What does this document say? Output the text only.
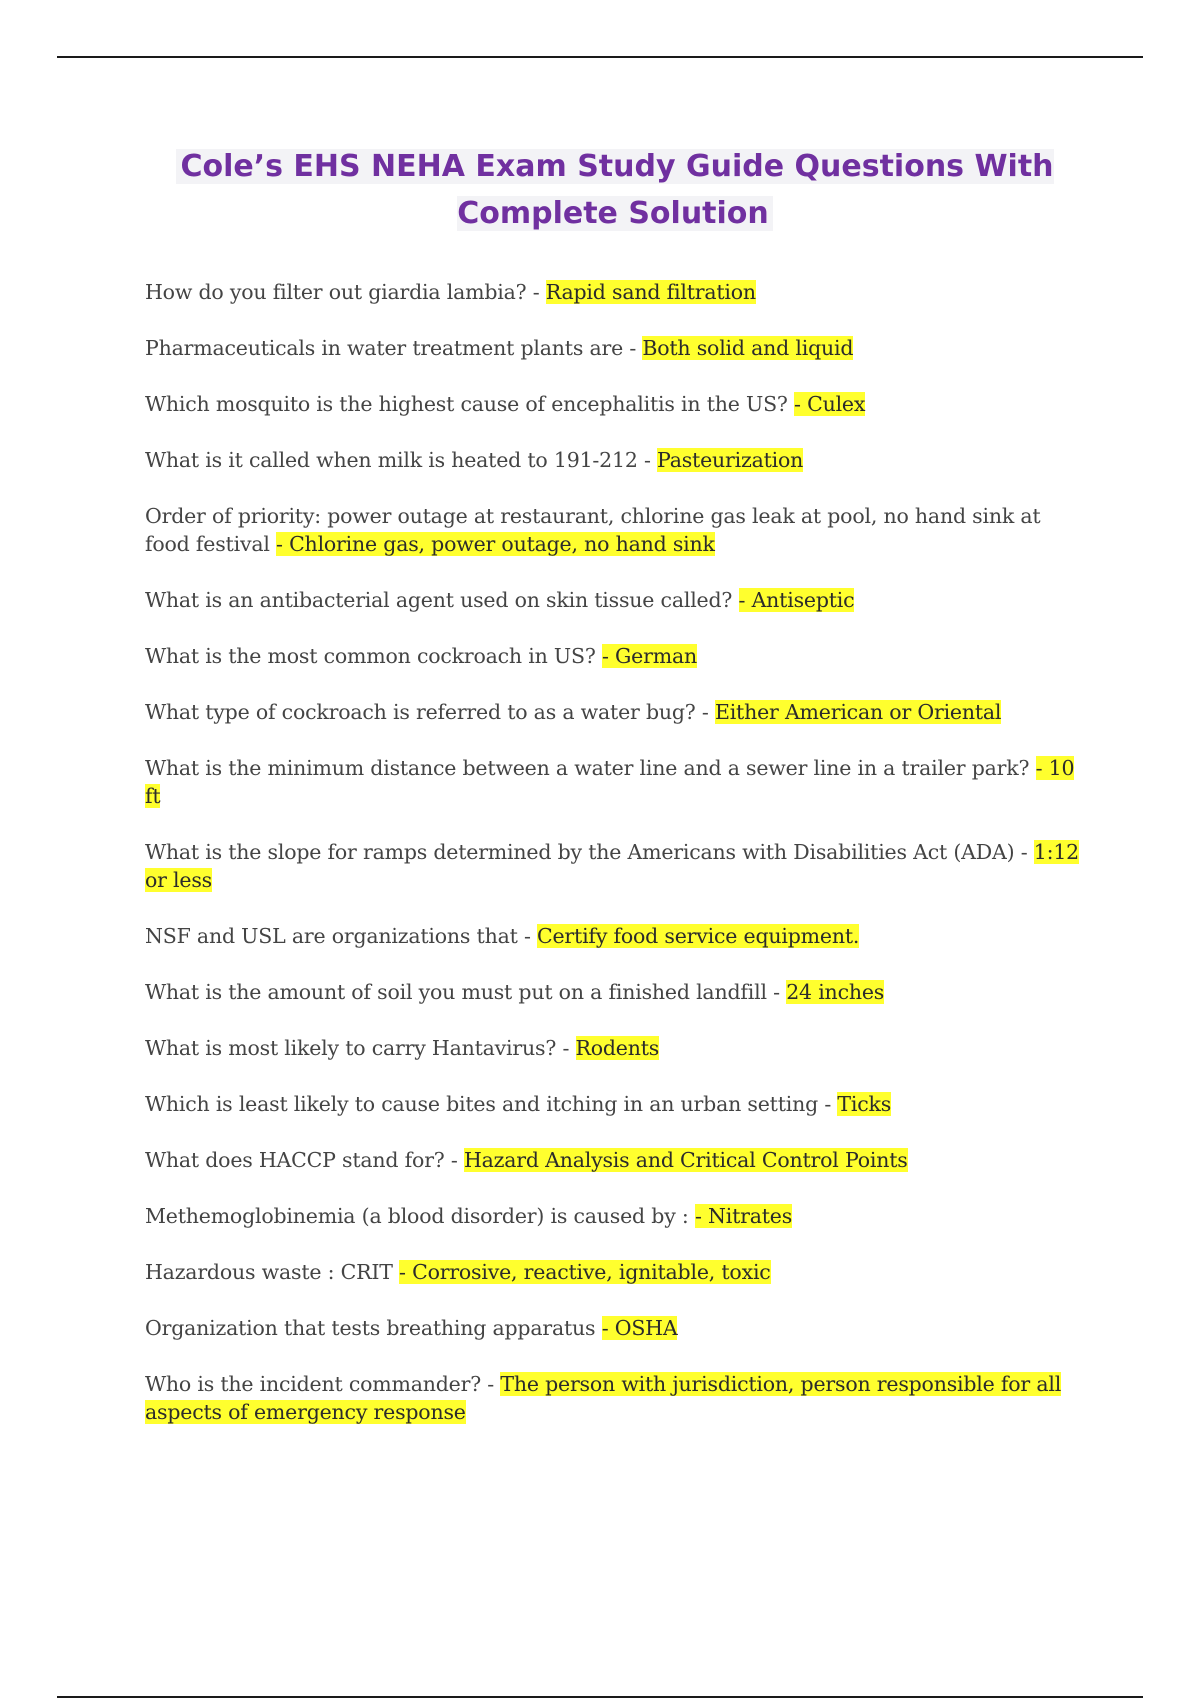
Cole’s EHS NEHA Exam Study Guide Questions With Complete Solution
How do you filter out giardia lambia? - Rapid sand filtration
Pharmaceuticals in water treatment plants are - Both solid and liquid
Which mosquito is the highest cause of encephalitis in the US? - Culex
What is it called when milk is heated to 191-212 - Pasteurization
Order of priority: power outage at restaurant, chlorine gas leak at pool, no hand sink at food festival - Chlorine gas, power outage, no hand sink
What is an antibacterial agent used on skin tissue called? - Antiseptic
What is the most common cockroach in US? - German
What type of cockroach is referred to as a water bug? - Either American or Oriental
What is the minimum distance between a water line and a sewer line in a trailer park? - 10 ft
What is the slope for ramps determined by the Americans with Disabilities Act (ADA) - 1:12 or less
NSF and USL are organizations that - Certify food service equipment.
What is the amount of soil you must put on a finished landfill - 24 inches
What is most likely to carry Hantavirus? - Rodents
Which is least likely to cause bites and itching in an urban setting - Ticks
What does HACCP stand for? - Hazard Analysis and Critical Control Points
Methemoglobinemia (a blood disorder) is caused by : - Nitrates
Hazardous waste : CRIT - Corrosive, reactive, ignitable, toxic
Organization that tests breathing apparatus - OSHA
Who is the incident commander? - The person with jurisdiction, person responsible for all aspects of emergency response
